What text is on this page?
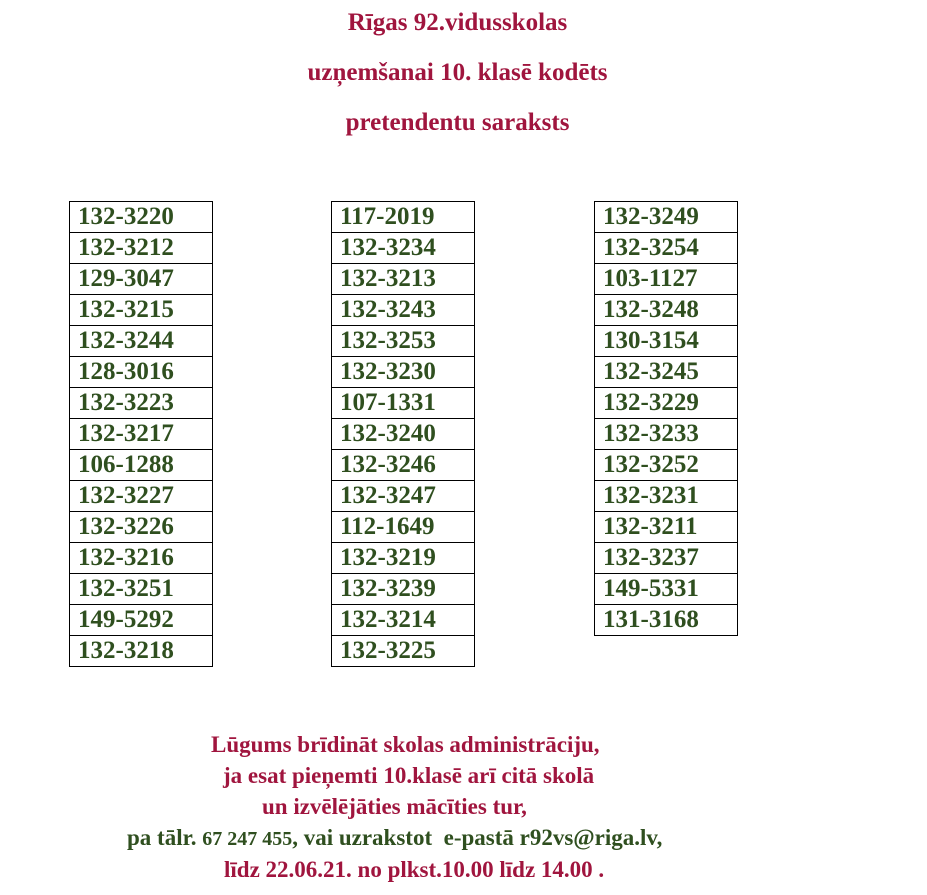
Rīgas 92.vidusskolas
uzņemšanai 10. klasē kodēts
pretendentu saraksts
132-3220
132-3212
129-3047
132-3215
132-3244
128-3016
132-3223
132-3217
106-1288
132-3227
132-3226
132-3216
132-3251
149-5292
132-3218
117-2019
132-3234
132-3213
132-3243
132-3253
132-3230
107-1331
132-3240
132-3246
132-3247
112-1649
132-3219
132-3239
132-3214
132-3225
132-3249
132-3254
103-1127
132-3248
130-3154
132-3245
132-3229
132-3233
132-3252
132-3231
132-3211
132-3237
149-5331
131-3168

Lūgums brīdināt skolas administrāciju,

ja esat pieņemti 10.klasē arī citā skolā

un izvēlējāties mācīties tur,

pa tālr. 67 247 455, vai uzrakstot  e-pastā r92vs@riga.lv,

līdz 22.06.21. no plkst.10.00 līdz 14.00 .
